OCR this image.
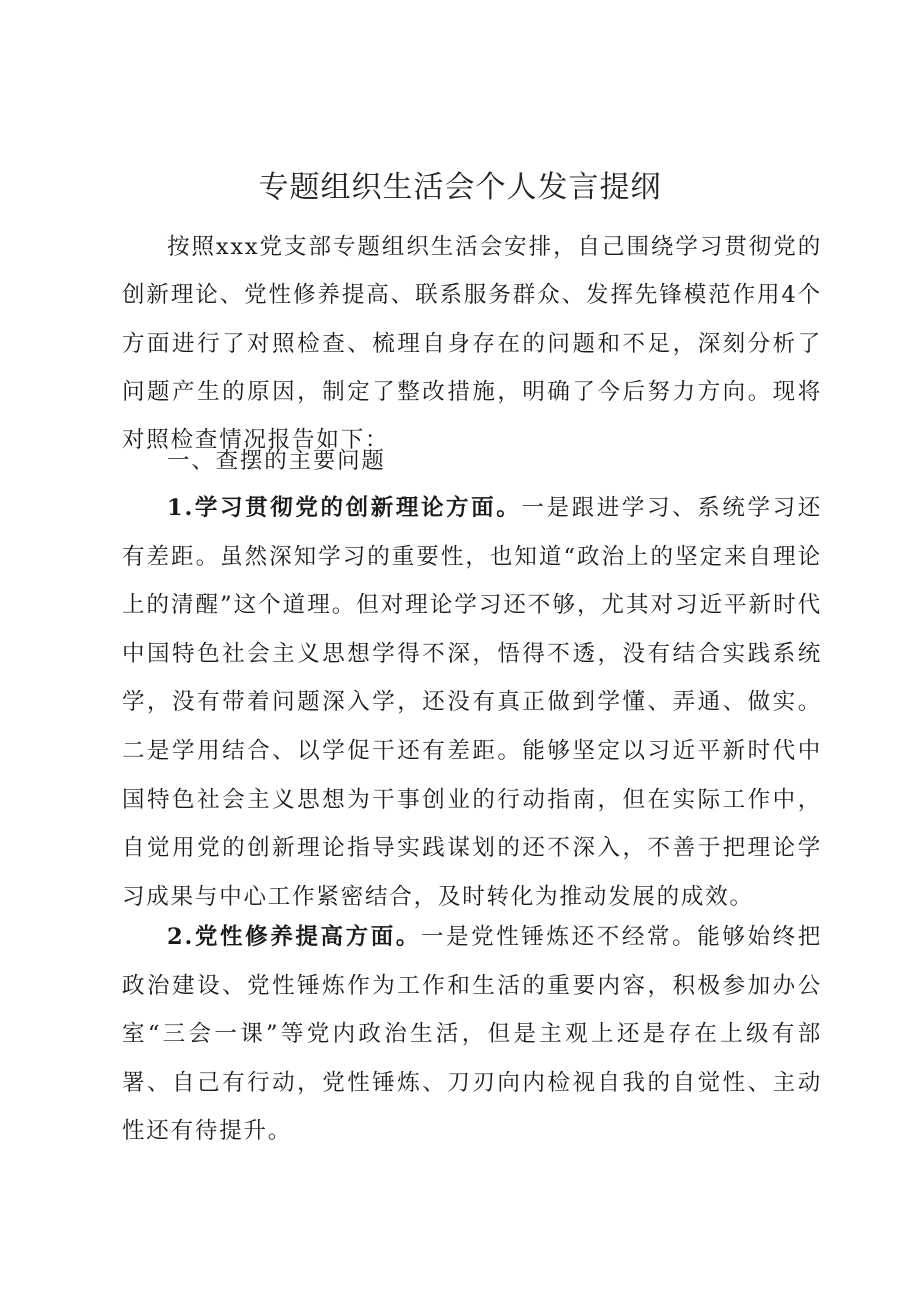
专题组织生活会个人发言提纲

按照xxx党支部专题组织生活会安排，自己围绕学习贯彻党的创新理论、党性修养提高、联系服务群众、发挥先锋模范作用4个方面进行了对照检查、梳理自身存在的问题和不足，深刻分析了问题产生的原因，制定了整改措施，明确了今后努力方向。现将对照检查情况报告如下：

一、查摆的主要问题

1.学习贯彻党的创新理论方面。一是跟进学习、系统学习还有差距。虽然深知学习的重要性，也知道“政治上的坚定来自理论上的清醒”这个道理。但对理论学习还不够，尤其对习近平新时代中国特色社会主义思想学得不深，悟得不透，没有结合实践系统学，没有带着问题深入学，还没有真正做到学懂、弄通、做实。二是学用结合、以学促干还有差距。能够坚定以习近平新时代中国特色社会主义思想为干事创业的行动指南，但在实际工作中，自觉用党的创新理论指导实践谋划的还不深入，不善于把理论学习成果与中心工作紧密结合，及时转化为推动发展的成效。

2.党性修养提高方面。一是党性锤炼还不经常。能够始终把政治建设、党性锤炼作为工作和生活的重要内容，积极参加办公室“三会一课”等党内政治生活，但是主观上还是存在上级有部署、自己有行动，党性锤炼、刀刃向内检视自我的自觉性、主动性还有待提升。
